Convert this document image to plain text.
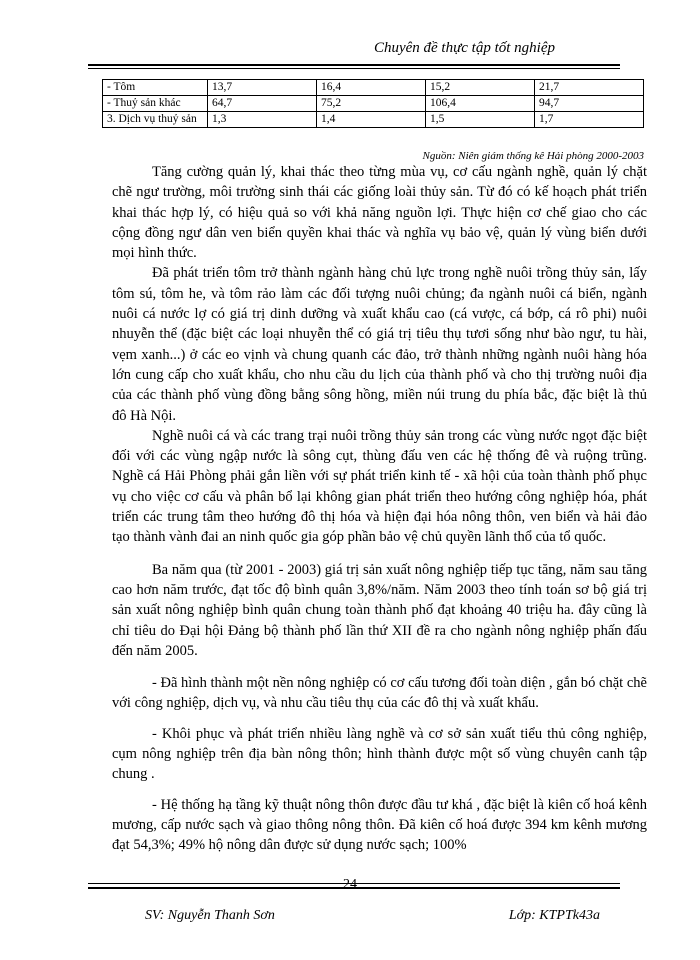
Chuyên đề thực tập tốt nghiệp
- Tôm	13,7	16,4	15,2	21,7
- Thuỷ sản khác	64,7	75,2	106,4	94,7
3. Dịch vụ thuỷ sản	1,3	1,4	1,5	1,7
Nguồn: Niên giám thống kê Hải phòng 2000-2003

Tăng cường quản lý, khai thác theo từng mùa vụ, cơ cấu ngành nghề, quản lý chặt chẽ ngư trường, môi trường sinh thái các giống loài thủy sản. Từ đó có kế hoạch phát triển khai thác hợp lý, có hiệu quả so với khả năng nguồn lợi. Thực hiện cơ chế giao cho các cộng đồng ngư dân ven biển quyền khai thác và nghĩa vụ bảo vệ, quản lý vùng biển dưới mọi hình thức.

Đã phát triển tôm trở thành ngành hàng chủ lực trong nghề nuôi trồng thủy sản, lấy tôm sú, tôm he, và tôm rảo làm các đối tượng nuôi chủng; đa ngành nuôi cá biển, ngành nuôi cá nước lợ có giá trị dinh dưỡng và xuất khẩu cao (cá vược, cá bớp, cá rô phi) nuôi nhuyễn thể (đặc biệt các loại nhuyễn thể có giá trị tiêu thụ tươi sống như bào ngư, tu hài, vẹm xanh...) ở các eo vịnh và chung quanh các đảo, trở thành những ngành nuôi hàng hóa lớn cung cấp cho xuất khẩu, cho nhu cầu du lịch của thành phố và cho thị trường nuôi địa của các thành phố vùng đồng bằng sông hồng, miền núi trung du phía bắc, đặc biệt là thủ đô Hà Nội.

Nghề nuôi cá và các trang trại nuôi trồng thủy sản trong các vùng nước ngọt đặc biệt đối với các vùng ngập nước là sông cụt, thùng đấu ven các hệ thống đê và ruộng trũng. Nghề cá Hải Phòng phải gắn liền với sự phát triển kinh tế - xã hội của toàn thành phố phục vụ cho việc cơ cấu và phân bổ lại không gian phát triển theo hướng công nghiệp hóa, phát triển các trung tâm theo hướng đô thị hóa và hiện đại hóa nông thôn, ven biển và hải đảo tạo thành vành đai an ninh quốc gia góp phần bảo vệ chủ quyền lãnh thổ của tổ quốc.

Ba năm qua (từ 2001 - 2003) giá trị sản xuất nông nghiệp tiếp tục tăng, năm sau tăng cao hơn năm trước, đạt tốc độ bình quân 3,8%/năm. Năm 2003 theo tính toán sơ bộ giá trị sản xuất nông nghiệp bình quân chung toàn thành phố đạt khoảng 40 triệu ha. đây cũng là chỉ tiêu do Đại hội Đảng bộ thành phố lần thứ XII đề ra cho ngành nông nghiệp phấn đấu đến năm 2005.

- Đã hình thành một nền nông nghiệp có cơ cấu tương đối toàn diện , gắn bó chặt chẽ với công nghiệp, dịch vụ, và nhu cầu tiêu thụ của các đô thị và xuất khẩu.

- Khôi phục và phát triển nhiều làng nghề và cơ sở sản xuất tiểu thủ công nghiệp, cụm nông nghiệp trên địa bàn nông thôn; hình thành được một số vùng chuyên canh tập chung .

- Hệ thống hạ tầng kỹ thuật nông thôn được đầu tư khá , đặc biệt là kiên cố hoá kênh mương, cấp nước sạch và giao thông nông thôn. Đã kiên cố hoá được 394 km kênh mương đạt 54,3%; 49% hộ nông dân được sử dụng nước sạch; 100%

24
SV: Nguyễn Thanh Sơn	Lớp: KTPTk43a
